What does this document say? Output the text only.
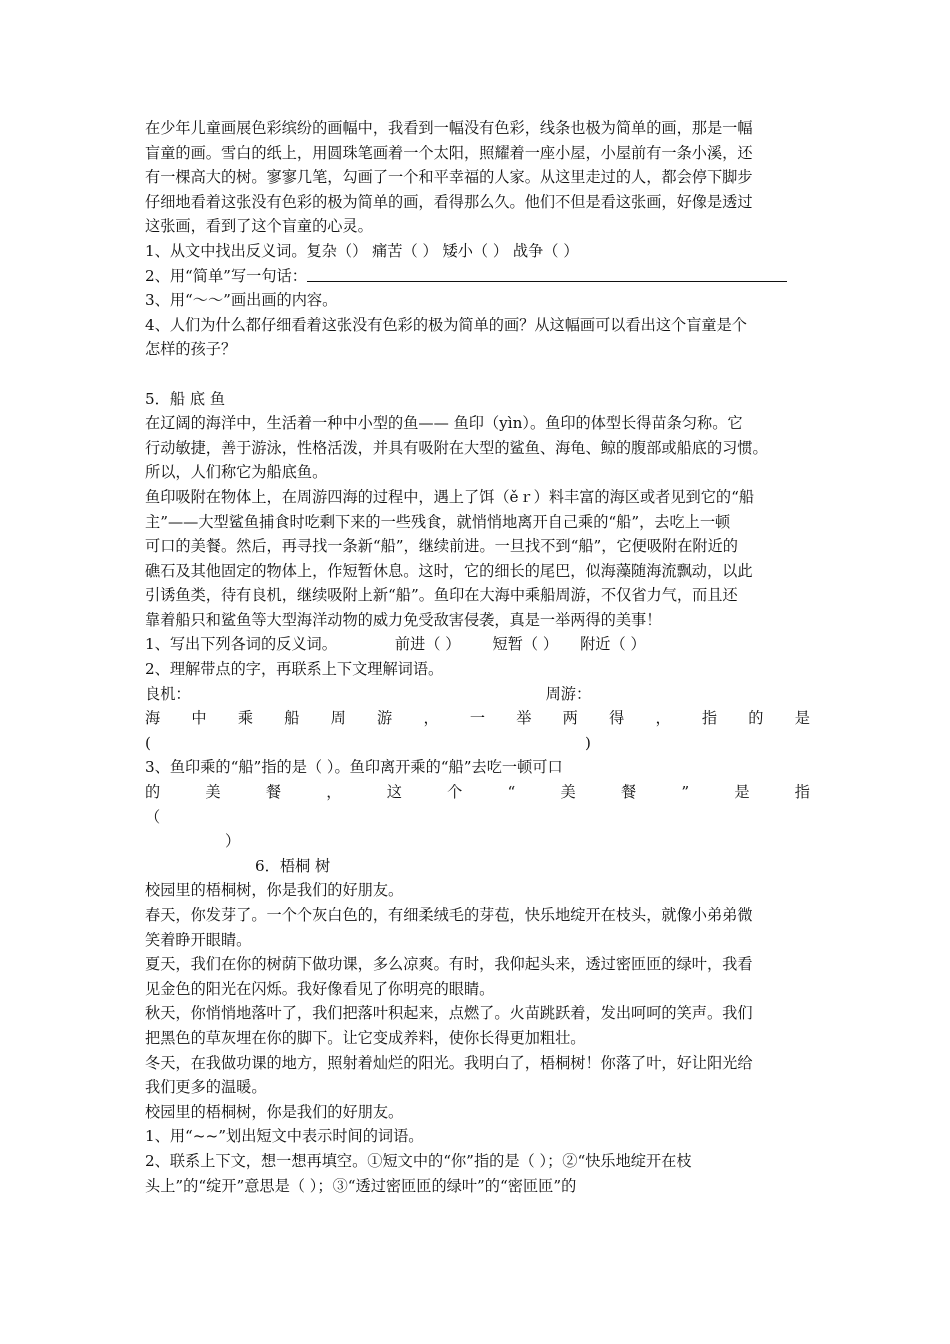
在少年儿童画展色彩缤纷的画幅中，我看到一幅没有色彩，线条也极为简单的画，那是一幅
盲童的画。雪白的纸上，用圆珠笔画着一个太阳，照耀着一座小屋，小屋前有一条小溪，还
有一棵高大的树。寥寥几笔，勾画了一个和平幸福的人家。从这里走过的人，都会停下脚步
仔细地看着这张没有色彩的极为简单的画，看得那么久。他们不但是看这张画，好像是透过
这张画，看到了这个盲童的心灵。
1、从文中找出反义词。复杂（） 痛苦（ ） 矮小（ ） 战争（ ）
2、用“简单”写一句话：
3、用“～～”画出画的内容。
4、人们为什么都仔细看着这张没有色彩的极为简单的画？从这幅画可以看出这个盲童是个
怎样的孩子？
5．船 底 鱼
在辽阔的海洋中，生活着一种中小型的鱼—— 鱼印（yìn）。鱼印的体型长得苗条匀称。它
行动敏捷，善于游泳，性格活泼，并具有吸附在大型的鲨鱼、海龟、鲸的腹部或船底的习惯。
所以，人们称它为船底鱼。
鱼印吸附在物体上，在周游四海的过程中，遇上了饵（ěｒ）料丰富的海区或者见到它的“船
主”——大型鲨鱼捕食时吃剩下来的一些残食，就悄悄地离开自己乘的“船”，去吃上一顿
可口的美餐。然后，再寻找一条新“船”，继续前进。一旦找不到“船”，它便吸附在附近的
礁石及其他固定的物体上，作短暂休息。这时，它的细长的尾巴，似海藻随海流飘动，以此
引诱鱼类，待有良机，继续吸附上新“船”。鱼印在大海中乘船周游，不仅省力气，而且还
靠着船只和鲨鱼等大型海洋动物的威力免受敌害侵袭，真是一举两得的美事！
1、写出下列各词的反义词。	前进（ ） 短暂（ ） 附近（ ）
2、理解带点的字，再联系上下文理解词语。
良机：	周游：
海 中 乘 船 周 游 ， 一 举 两 得 ， 指 的 是
(	)
3、鱼印乘的“船”指的是（ ）。鱼印离开乘的“船”去吃一顿可口
的	美	餐	，	这	个	“	美	餐	”	是	指
（
）
6．梧桐 树
校园里的梧桐树，你是我们的好朋友。
春天，你发芽了。一个个灰白色的，有细柔绒毛的芽苞，快乐地绽开在枝头，就像小弟弟微
笑着睁开眼睛。
夏天，我们在你的树荫下做功课，多么凉爽。有时，我仰起头来，透过密匝匝的绿叶，我看
见金色的阳光在闪烁。我好像看见了你明亮的眼睛。
秋天，你悄悄地落叶了，我们把落叶积起来，点燃了。火苗跳跃着，发出呵呵的笑声。我们
把黑色的草灰埋在你的脚下。让它变成养料，使你长得更加粗壮。
冬天，在我做功课的地方，照射着灿烂的阳光。我明白了，梧桐树！你落了叶，好让阳光给
我们更多的温暖。
校园里的梧桐树，你是我们的好朋友。
1、用“~~”划出短文中表示时间的词语。
2、联系上下文，想一想再填空。①短文中的“你”指的是（ ）；②“快乐地绽开在枝
头上”的“绽开”意思是（ ）；③“透过密匝匝的绿叶”的“密匝匝”的
